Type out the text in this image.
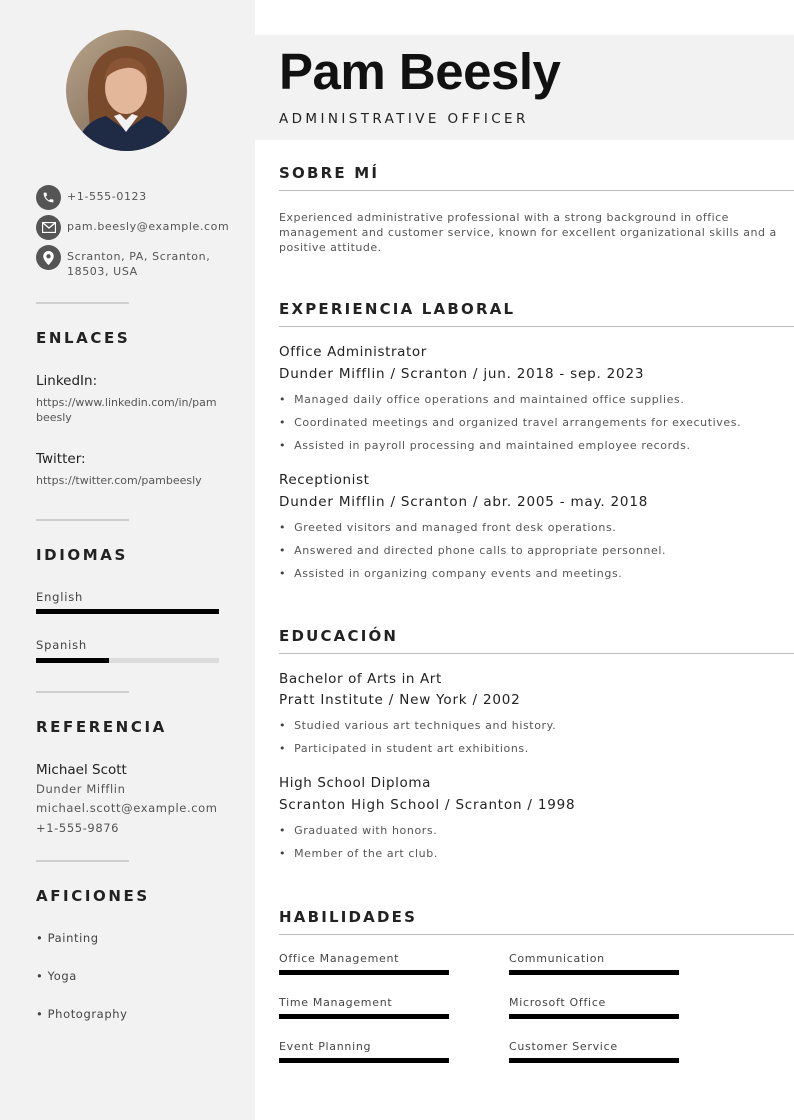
+1-555-0123
pam.beesly@example.com
Scranton, PA, Scranton, 18503, USA
ENLACES
LinkedIn:
https://www.linkedin.com/in/pambeesly
Twitter:
https://twitter.com/pambeesly
IDIOMAS
English
Spanish
REFERENCIA
Michael Scott
Dunder Mifflin
michael.scott@example.com
+1-555-9876
AFICIONES
• Painting
• Yoga
• Photography
Pam Beesly
ADMINISTRATIVE OFFICER
SOBRE MÍ

Experienced administrative professional with a strong background in office management and customer service, known for excellent organizational skills and a positive attitude.

EXPERIENCIA LABORAL
Office Administrator
Dunder Mifflin / Scranton / jun. 2018 - sep. 2023
• Managed daily office operations and maintained office supplies.
• Coordinated meetings and organized travel arrangements for executives.
• Assisted in payroll processing and maintained employee records.
Receptionist
Dunder Mifflin / Scranton / abr. 2005 - may. 2018
• Greeted visitors and managed front desk operations.
• Answered and directed phone calls to appropriate personnel.
• Assisted in organizing company events and meetings.
EDUCACIÓN
Bachelor of Arts in Art
Pratt Institute / New York / 2002
• Studied various art techniques and history.
• Participated in student art exhibitions.
High School Diploma
Scranton High School / Scranton / 1998
• Graduated with honors.
• Member of the art club.
HABILIDADES
Office Management	Communication
Time Management	Microsoft Office
Event Planning	Customer Service
